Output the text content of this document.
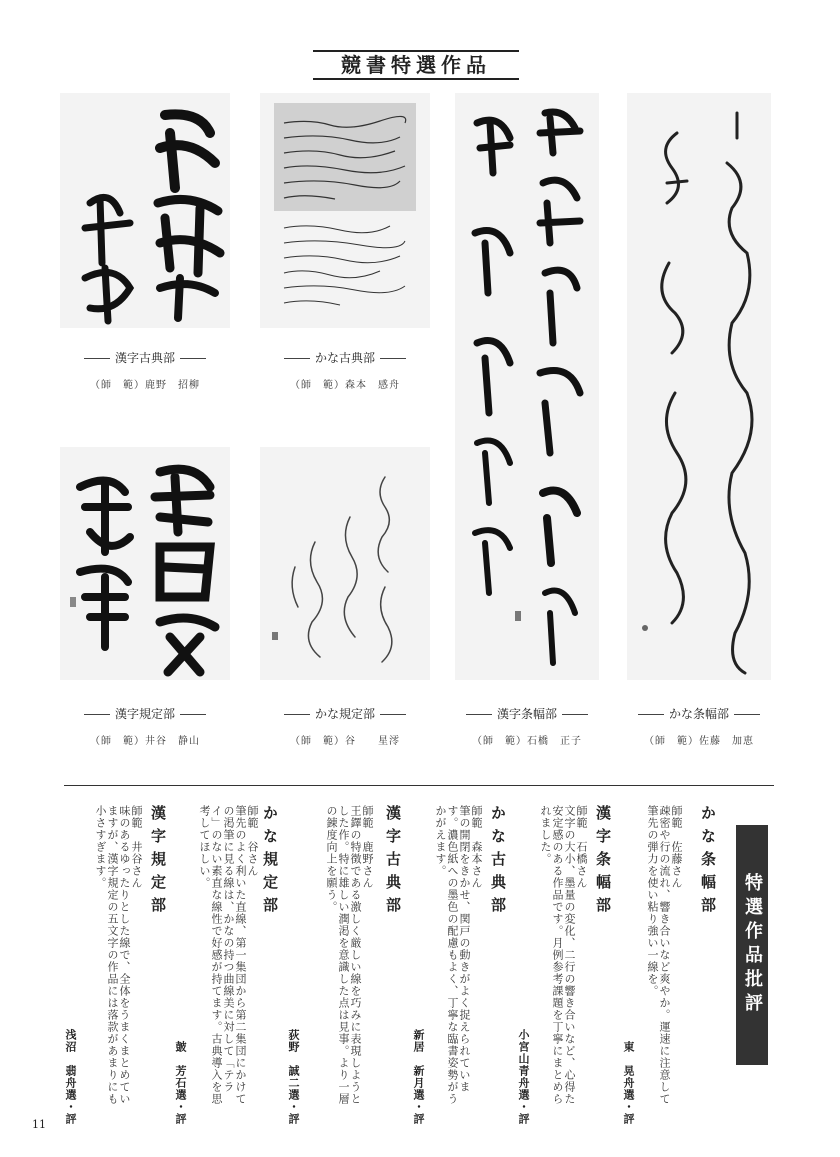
競書特選作品
漢字古典部
（師　範）鹿野　招柳
かな古典部
（師　範）森本　感舟
漢字条幅部
（師　範）石橋　正子
かな条幅部
（師　範）佐藤　加恵
漢字規定部
（師　範）井谷　静山
かな規定部
（師　範）谷　　星澪
特選作品批評
かな条幅部
師範　佐藤さん
疎密や行の流れ、響き合いなど爽やか。運速に注意して筆先の弾力を使い粘り強い一線を。
東　晃舟選・評
漢字条幅部
師範　石橋さん
文字の大小、墨量の変化、二行の響き合いなど、心得た安定感のある作品です。月例参考課題を丁寧にまとめられました。
小宮山青舟選・評
かな古典部
師範　森本さん
筆の開閉をきかせ、関戸の動きがよく捉えられています。濃色紙への墨色の配慮もよく、丁寧な臨書姿勢がうかがえます。
新居　新月選・評
漢字古典部
師範　鹿野さん
王鐸の特徴である激しく厳しい線を巧みに表現しようとした作。特に雄しい潤渇を意識した点は見事。より一層の錬度向上を願う。
荻野　誠二選・評
かな規定部
師範　谷さん
筆先のよく利いた直線、第一集団から第二集団にかけての渇筆に見る線は、かなの持つ曲線美に対して「テライ」のない素直な線性で好感が持てます。古典導入を思考してほしい。
皷　芳石選・評
漢字規定部
師範　井谷さん
味のあるゆったりとした線で、全体をうまくまとめていますが、漢字規定の五文字の作品には落款があまりにも小さすぎます。
浅沼　翡舟選・評
11
